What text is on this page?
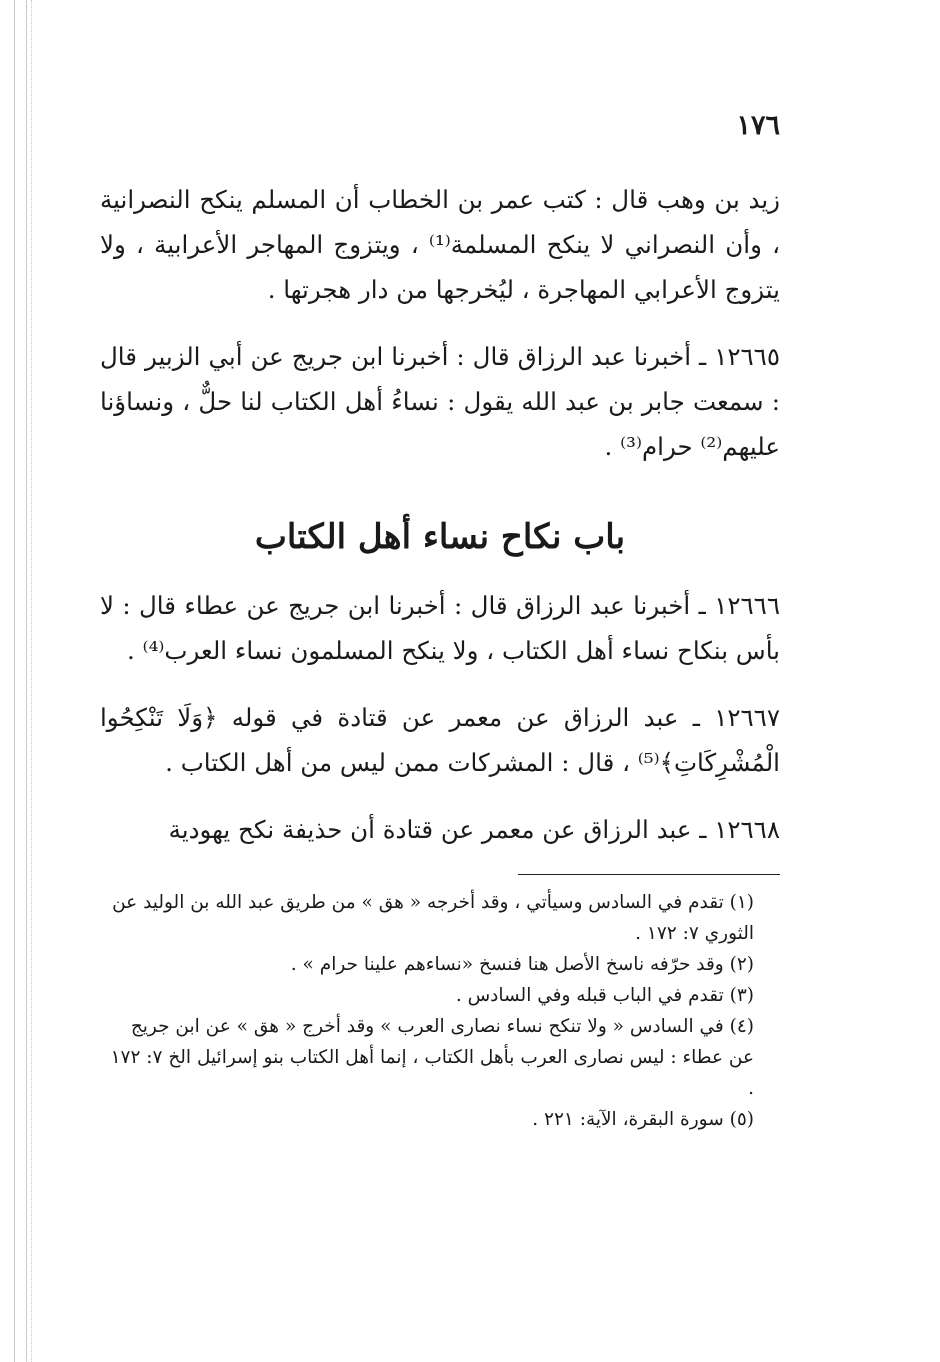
١٧٦

زيد بن وهب قال : كتب عمر بن الخطاب أن المسلم ينكح النصرانية ، وأن النصراني لا ينكح المسلمة⁽¹⁾ ، ويتزوج المهاجر الأعرابية ، ولا يتزوج الأعرابي المهاجرة ، ليُخرجها من دار هجرتها .

١٢٦٦٥ ـ أخبرنا عبد الرزاق قال : أخبرنا ابن جريج عن أبي الزبير قال : سمعت جابر بن عبد الله يقول : نساءُ أهل الكتاب لنا حلٌّ ، ونساؤنا عليهم⁽²⁾ حرام⁽³⁾ .

باب نكاح نساء أهل الكتاب

١٢٦٦٦ ـ أخبرنا عبد الرزاق قال : أخبرنا ابن جريج عن عطاء قال : لا بأس بنكاح نساء أهل الكتاب ، ولا ينكح المسلمون نساء العرب⁽⁴⁾ .

١٢٦٦٧ ـ عبد الرزاق عن معمر عن قتادة في قوله ﴿وَلَا تَنْكِحُوا الْمُشْرِكَاتِ﴾⁽⁵⁾ ، قال : المشركات ممن ليس من أهل الكتاب .

١٢٦٦٨ ـ عبد الرزاق عن معمر عن قتادة أن حذيفة نكح يهودية

(١) تقدم في السادس وسيأتي ، وقد أخرجه « هق » من طريق عبد الله بن الوليد عن الثوري ٧: ١٧٢ .

(٢) وقد حرّفه ناسخ الأصل هنا فنسخ «نساءهم علينا حرام » .

(٣) تقدم في الباب قبله وفي السادس .

(٤) في السادس « ولا تنكح نساء نصارى العرب » وقد أخرج « هق » عن ابن جريج عن عطاء : ليس نصارى العرب بأهل الكتاب ، إنما أهل الكتاب بنو إسرائيل الخ ٧: ١٧٢ .

(٥) سورة البقرة، الآية: ٢٢١ .
